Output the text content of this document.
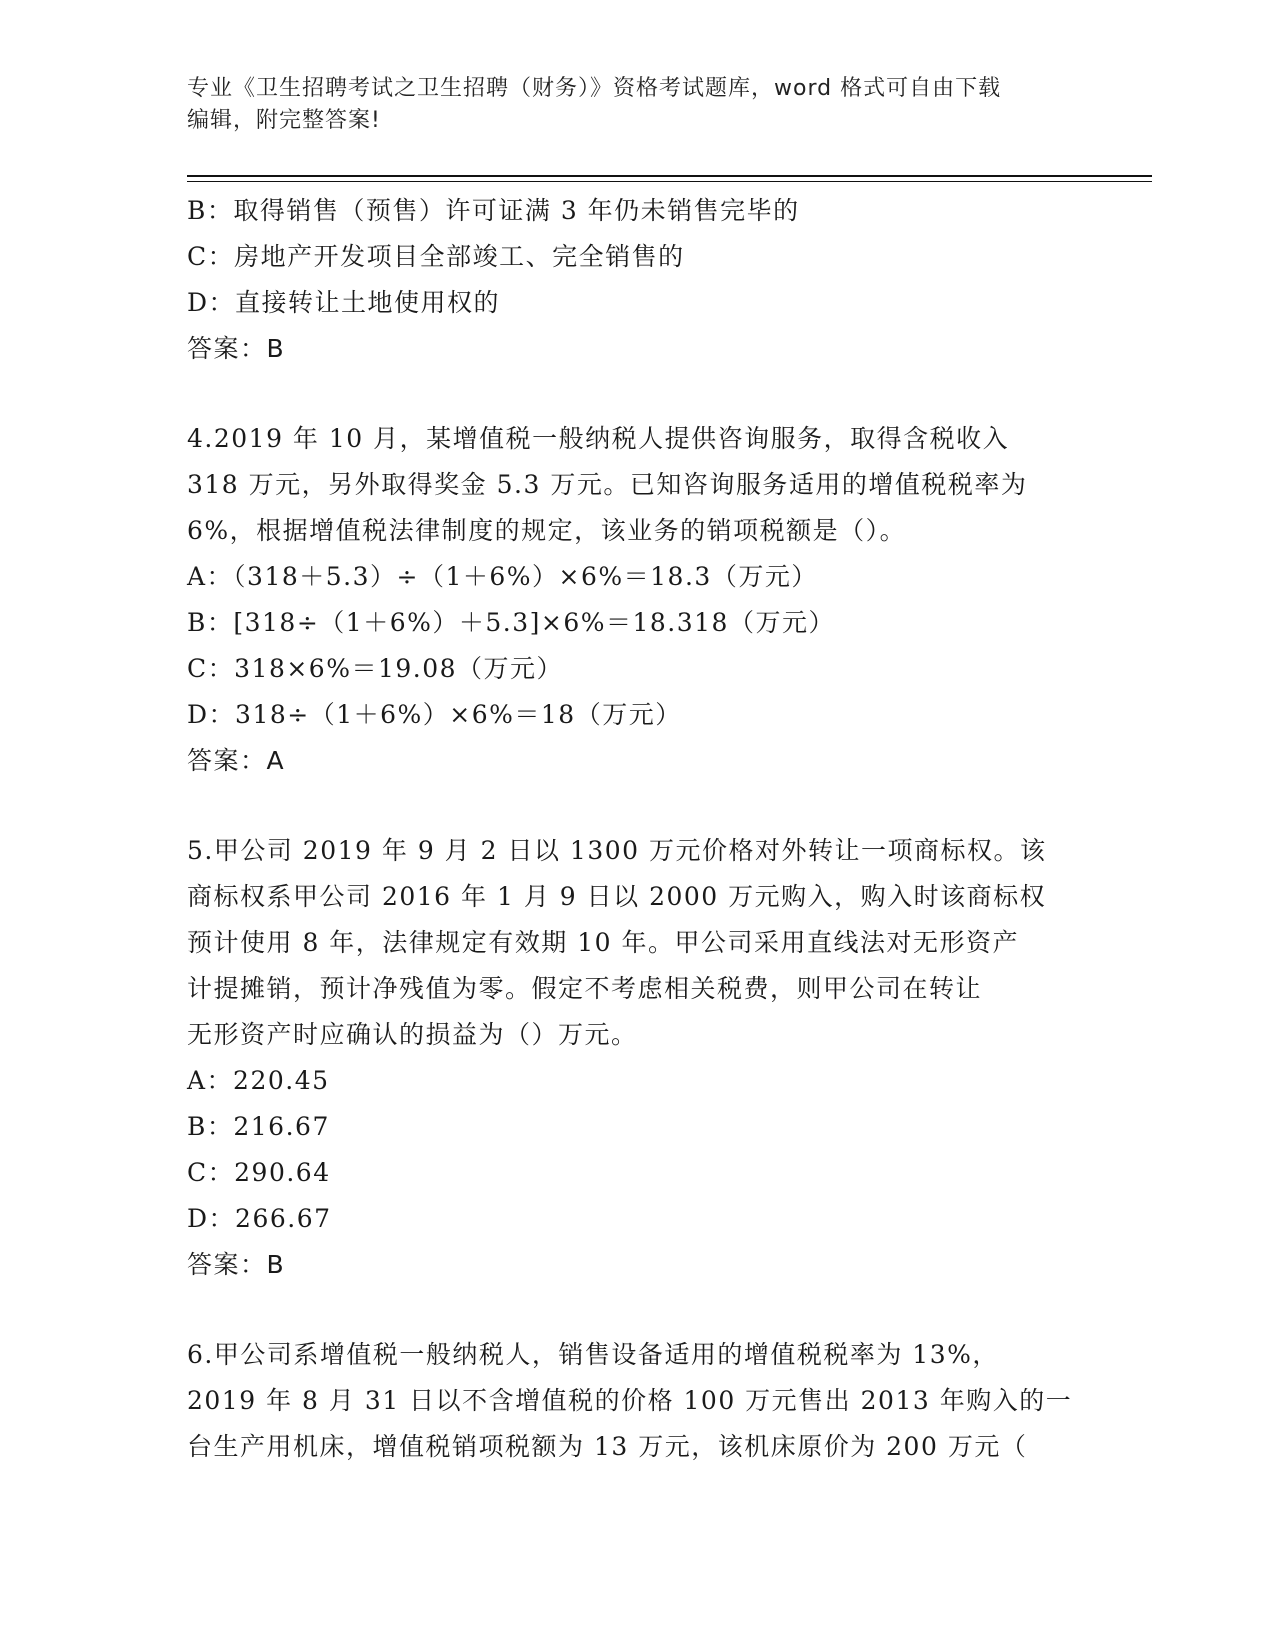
专业《卫生招聘考试之卫生招聘（财务）》资格考试题库，word 格式可自由下载
编辑，附完整答案!
B：取得销售（预售）许可证满 3 年仍未销售完毕的
C：房地产开发项目全部竣工、完全销售的
D：直接转让土地使用权的
答案：B
4.2019 年 10 月，某增值税一般纳税人提供咨询服务，取得含税收入
318 万元，另外取得奖金 5.3 万元。已知咨询服务适用的增值税税率为
6%，根据增值税法律制度的规定，该业务的销项税额是（）。
A：（318＋5.3）÷（1＋6%）×6%＝18.3（万元）
B：[318÷（1＋6%）＋5.3]×6%＝18.318（万元）
C：318×6%＝19.08（万元）
D：318÷（1＋6%）×6%＝18（万元）
答案：A
5.甲公司 2019 年 9 月 2 日以 1300 万元价格对外转让一项商标权。该
商标权系甲公司 2016 年 1 月 9 日以 2000 万元购入，购入时该商标权
预计使用 8 年，法律规定有效期 10 年。甲公司采用直线法对无形资产
计提摊销，预计净残值为零。假定不考虑相关税费，则甲公司在转让
无形资产时应确认的损益为（）万元。
A：220.45
B：216.67
C：290.64
D：266.67
答案：B
6.甲公司系增值税一般纳税人，销售设备适用的增值税税率为 13%，
2019 年 8 月 31 日以不含增值税的价格 100 万元售出 2013 年购入的一
台生产用机床，增值税销项税额为 13 万元，该机床原价为 200 万元（
